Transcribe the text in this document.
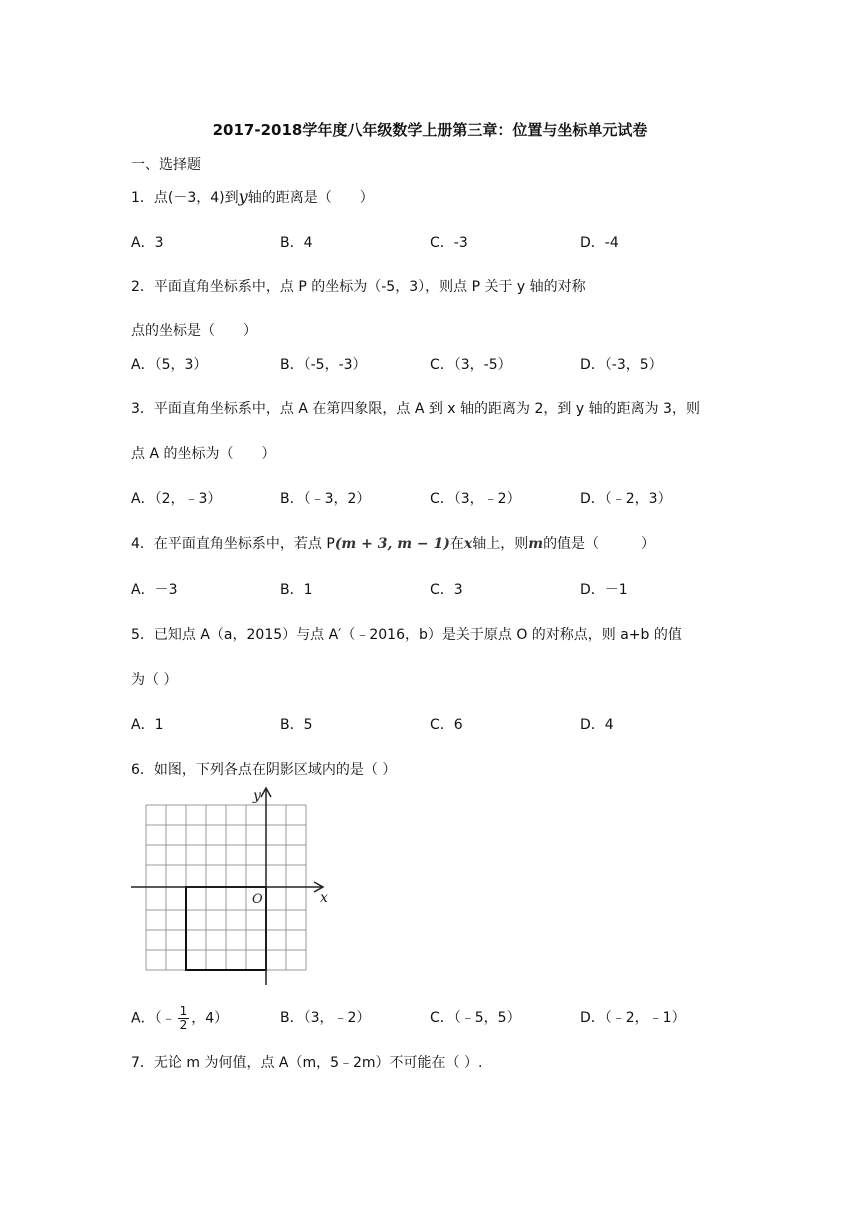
2017-2018学年度八年级数学上册第三章：位置与坐标单元试卷
一、选择题
1．点(－3，4)到y轴的距离是（　　）
A．3	B．4	C．-3	D．-4
2．平面直角坐标系中，点 P 的坐标为（-5，3），则点 P 关于 y 轴的对称
点的坐标是（　　）
A．（5，3）	B．（-5，-3）	C．（3，-5）	D．（-3，5）
3．平面直角坐标系中，点 A 在第四象限，点 A 到 x 轴的距离为 2，到 y 轴的距离为 3，则
点 A 的坐标为（　　）
A．（2，﹣3）	B．（﹣3，2）	C．（3，﹣2）	D．（﹣2，3）
4．在平面直角坐标系中，若点 P(m + 3, m − 1)在x轴上，则m的值是（　　　）
A．－3	B．1	C．3	D．－1
5．已知点 A（a，2015）与点 A′（﹣2016，b）是关于原点 O 的对称点，则 a+b 的值
为（ ）
A．1	B．5	C．6	D．4
6．如图，下列各点在阴影区域内的是（ ）
x
y
O
A．（﹣ $\frac{1}{2}$ ，4）	B．（3，﹣2）	C．（﹣5，5）	D．（﹣2，﹣1）
7．无论 m 为何值，点 A（m，5﹣2m）不可能在（ ）.
